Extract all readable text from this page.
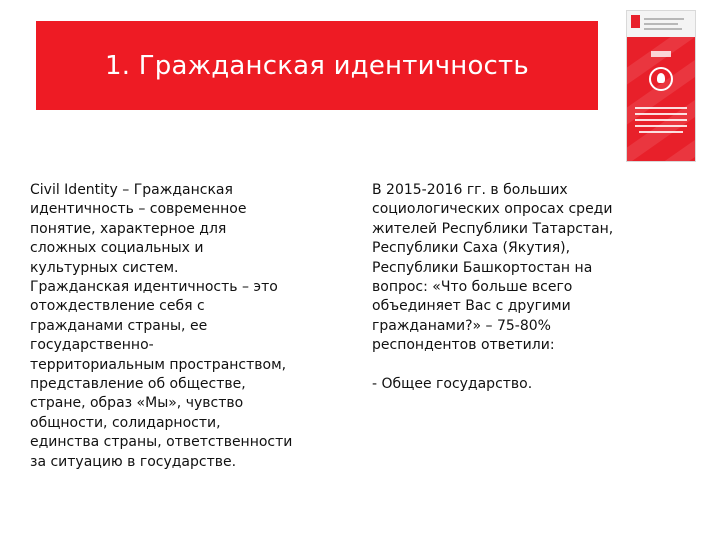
1. Гражданская идентичность

Civil Identity – Гражданская
идентичность – современное
понятие, характерное для
сложных социальных и
культурных систем.

Гражданская идентичность – это
отождествление себя с
гражданами страны, ее
государственно-
территориальным пространством,
представление об обществе,
стране, образ «Мы», чувство
общности, солидарности,
единства страны, ответственности
за ситуацию в государстве.

В 2015-2016 гг. в больших
социологических опросах среди
жителей Республики Татарстан,
Республики Саха (Якутия),
Республики Башкортостан на
вопрос: «Что больше всего
объединяет Вас с другими
гражданами?» – 75-80%
респондентов ответили:

- Общее государство.
